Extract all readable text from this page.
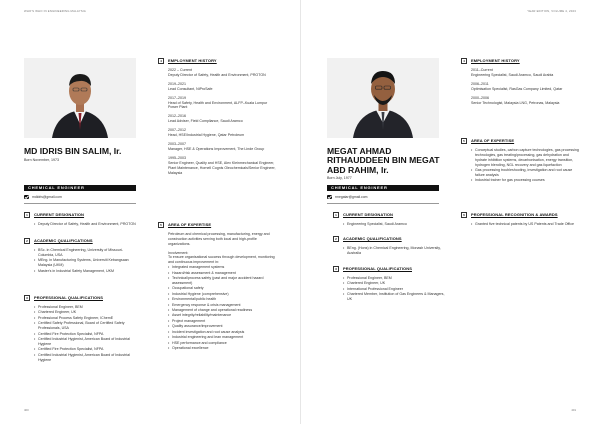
WHO'S WHO IN ENGINEERING MALAYSIA
MD IDRIS BIN SALIM, Ir.
Born November, 1973
CHEMICAL ENGINEER
mdidris@gmail.com
1	CURRENT DESIGNATION
• Deputy Director of Safety, Health and Environment, PROTON
2	ACADEMIC QUALIFICATIONS
• BSc. in Chemical Engineering, University of Missouri-Columbia, USA
• MEng. in Manufacturing Systems, Universiti Kebangsaan Malaysia (UKM)
• Master's in Industrial Safety Management, UKM
3	PROFESSIONAL QUALIFICATIONS
• Professional Engineer, BEM
• Chartered Engineer, UK
• Professional Process Safety Engineer, IChemE
• Certified Safety Professional, Board of Certified Safety Professionals, USA
• Certified Fire Protection Specialist, NFPA
• Certified Industrial Hygienist, American Board of Industrial Hygiene
• Certified Fire Protection Specialist, NFPA
• Certified Industrial Hygienist, American Board of Industrial Hygiene
4	EMPLOYMENT HISTORY
2022 – Current
Deputy Director of Safety, Health and Environment, PROTON
2019–2021
Lead Consultant, NiProSafe
2017–2019
Head of Safety, Health and Environment, ALFP–Kuala Lumpur Power Plant
2012–2016
Lead Adviser, Field Compliance, Saudi Aramco
2007–2012
Head, HSE/Industrial Hygiene, Qatar Petroleum
2003–2007
Manager, HSE & Operations Improvement, The Linde Group
1995–2003
Senior Engineer, Quality and HSE, Alex Kleinmechanical Engineer, Plant Maintenance, Hornell Cognis Oleochemicals/Senior Engineer, Malaysia
5	AREA OF EXPERTISE
Petroleum and chemical processing, manufacturing, energy and construction activities serving both local and high-profile organizations.
Involvement:
To ensure organisational success through development, monitoring and continuous improvement in:
• Integrated management systems
• Hazard/risk assessment & management
• Technical/process safety (past and major accident hazard assessment)
• Occupational safety
• Industrial Hygiene (comprehensive)
• Environmental/public health
• Emergency response & crisis management
• Management of change and operational readiness
• Asset integrity/reliability/maintenance
• Project management
• Quality assurance/improvement
• Incident investigation and root cause analysis
• Industrial engineering and lean management
• HSE performance and compliance
• Operational excellence
400
YEAR EDITION, VOLUME 4, 2023
MEGAT AHMAD
RITHAUDDEEN BIN MEGAT
ABD RAHIM, Ir.
Born July, 1977
CHEMICAL ENGINEER
rmegatar@gmail.com
1	CURRENT DESIGNATION
• Engineering Specialist, Saudi Aramco
2	ACADEMIC QUALIFICATIONS
• BEng. (Hons) in Chemical Engineering, Monash University, Australia
3	PROFESSIONAL QUALIFICATIONS
• Professional Engineer, BEM
• Chartered Engineer, UK
• International Professional Engineer
• Chartered Member, Institution of Gas Engineers & Managers, UK
4	EMPLOYMENT HISTORY
2011–Current
Engineering Specialist, Saudi Aramco, Saudi Arabia
2006–2011
Optimisation Specialist, RasGas Company Limited, Qatar
2000–2006
Senior Technologist, Malaysia LNG, Petronas, Malaysia
5	AREA OF EXPERTISE
• Conceptual studies, carbon capture technologies, gas processing technologies, gas treating/processing, gas dehydration and hydrate inhibition systems, decarbonisation, energy transition, hydrogen blending, NGL recovery and gas liquefaction
• Gas processing troubleshooting, investigation and root cause failure analysis
• Industrial trainer for gas processing courses
6	PROFESSIONAL RECOGNITION & AWARDS
• Granted five technical patents by US Patents and Trade Office
401
